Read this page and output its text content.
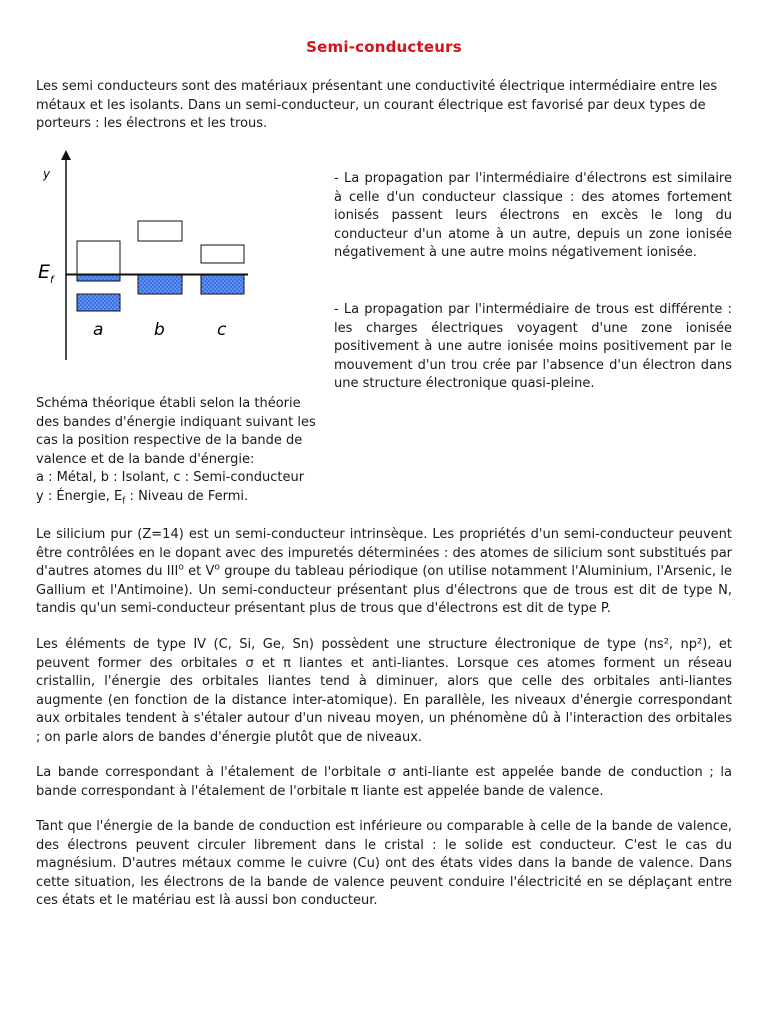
Semi-conducteurs

Les semi conducteurs sont des matériaux présentant une conductivité électrique intermédiaire entre les métaux et les isolants. Dans un semi-conducteur, un courant électrique est favorisé par deux types de porteurs : les électrons et les trous.

y
$E_f$
a	b	c

- La propagation par l'intermédiaire d'électrons est similaire à celle d'un conducteur classique : des atomes fortement ionisés passent leurs électrons en excès le long du conducteur d'un atome à un autre, depuis un zone ionisée négativement à une autre moins négativement ionisée.

- La propagation par l'intermédiaire de trous est différente : les charges électriques voyagent d'une zone ionisée positivement à une autre ionisée moins positivement par le mouvement d'un trou crée par l'absence d'un électron dans une structure électronique quasi-pleine.

Schéma théorique établi selon la théorie
des bandes d'énergie indiquant suivant les
cas la position respective de la bande de
valence et de la bande d'énergie:
a : Métal, b : Isolant, c : Semi-conducteur
y : Énergie, $E_f$ : Niveau de Fermi.

Le silicium pur (Z=14) est un semi-conducteur intrinsèque. Les propriétés d'un semi-conducteur peuvent être contrôlées en le dopant avec des impuretés déterminées : des atomes de silicium sont substitués par d'autres atomes du III$^o$ et $V^o$ groupe du tableau périodique (on utilise notamment l'Aluminium, l'Arsenic, le Gallium et l'Antimoine). Un semi-conducteur présentant plus d'électrons que de trous est dit de type N, tandis qu'un semi-conducteur présentant plus de trous que d'électrons est dit de type P.

Les éléments de type IV (C, Si, Ge, Sn) possèdent une structure électronique de type (ns², np²), et peuvent former des orbitales σ et π liantes et anti-liantes. Lorsque ces atomes forment un réseau cristallin, l'énergie des orbitales liantes tend à diminuer, alors que celle des orbitales anti-liantes augmente (en fonction de la distance inter-atomique). En parallèle, les niveaux d'énergie correspondant aux orbitales tendent à s'étaler autour d'un niveau moyen, un phénomène dû à l'interaction des orbitales ; on parle alors de bandes d'énergie plutôt que de niveaux.

La bande correspondant à l'étalement de l'orbitale σ anti-liante est appelée bande de conduction ; la bande correspondant à l'étalement de l'orbitale π liante est appelée bande de valence.

Tant que l'énergie de la bande de conduction est inférieure ou comparable à celle de la bande de valence, des électrons peuvent circuler librement dans le cristal : le solide est conducteur. C'est le cas du magnésium. D'autres métaux comme le cuivre (Cu) ont des états vides dans la bande de valence. Dans cette situation, les électrons de la bande de valence peuvent conduire l'électricité en se déplaçant entre ces états et le matériau est là aussi bon conducteur.
